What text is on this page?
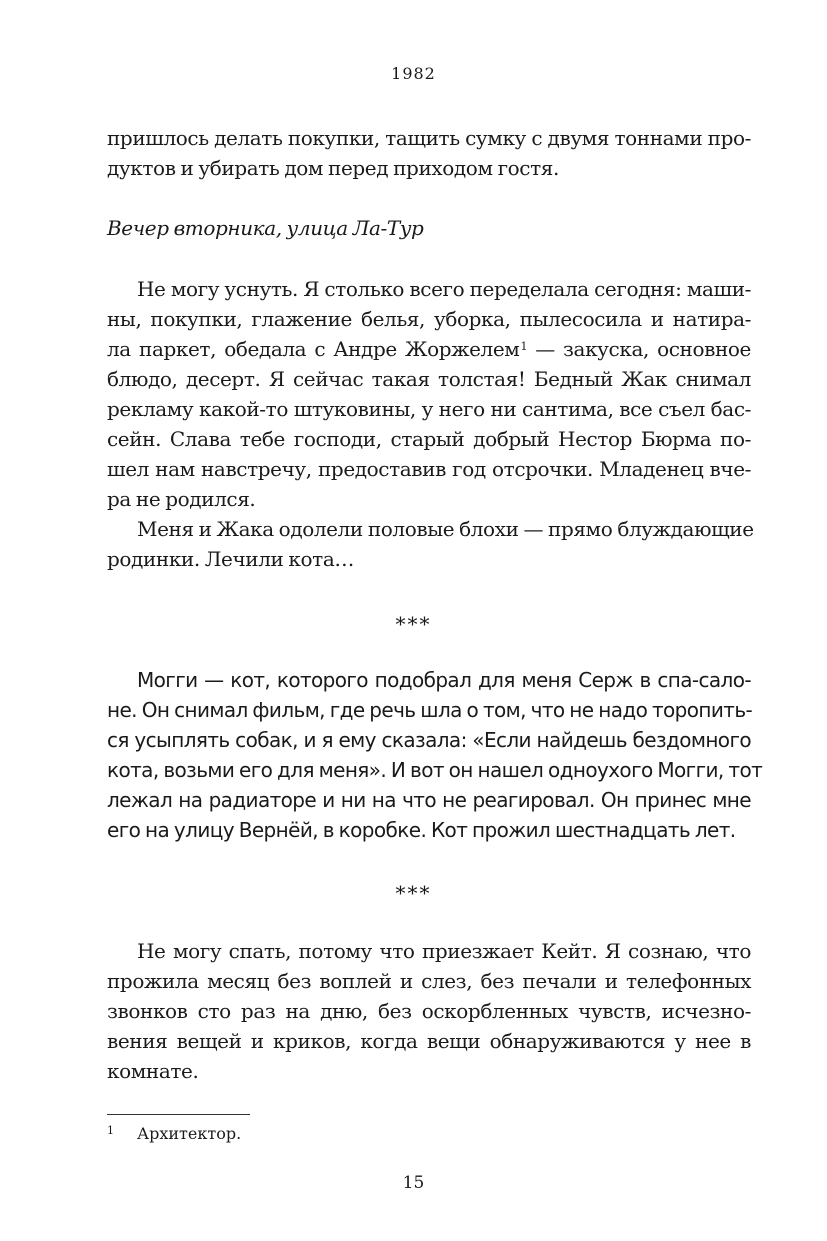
1982
пришлось делать покупки, тащить сумку с двумя тоннами про-
дуктов и убирать дом перед приходом гостя.
Вечер вторника, улица Ла-Тур
Не могу уснуть. Я столько всего переделала сегодня: маши-
ны, покупки, глажение белья, уборка, пылесосила и натира-
ла паркет, обедала с Андре Жоржелем$^1$ — закуска, основное
блюдо, десерт. Я сейчас такая толстая! Бедный Жак снимал
рекламу какой-то штуковины, у него ни сантима, все съел бас-
сейн. Слава тебе господи, старый добрый Нестор Бюрма по-
шел нам навстречу, предоставив год отсрочки. Младенец вче-
ра не родился.
Меня и Жака одолели половые блохи — прямо блуждающие
родинки. Лечили кота…
***
Могги — кот, которого подобрал для меня Серж в спа-сало-
не. Он снимал фильм, где речь шла о том, что не надо торопить-
ся усыплять собак, и я ему сказала: «Если найдешь бездомного
кота, возьми его для меня». И вот он нашел одноухого Могги, тот
лежал на радиаторе и ни на что не реагировал. Он принес мне
его на улицу Вернёй, в коробке. Кот прожил шестнадцать лет.
***
Не могу спать, потому что приезжает Кейт. Я сознаю, что
прожила месяц без воплей и слез, без печали и телефонных
звонков сто раз на дню, без оскорбленных чувств, исчезно-
вения вещей и криков, когда вещи обнаруживаются у нее в
комнате.
1 Архитектор.
15
